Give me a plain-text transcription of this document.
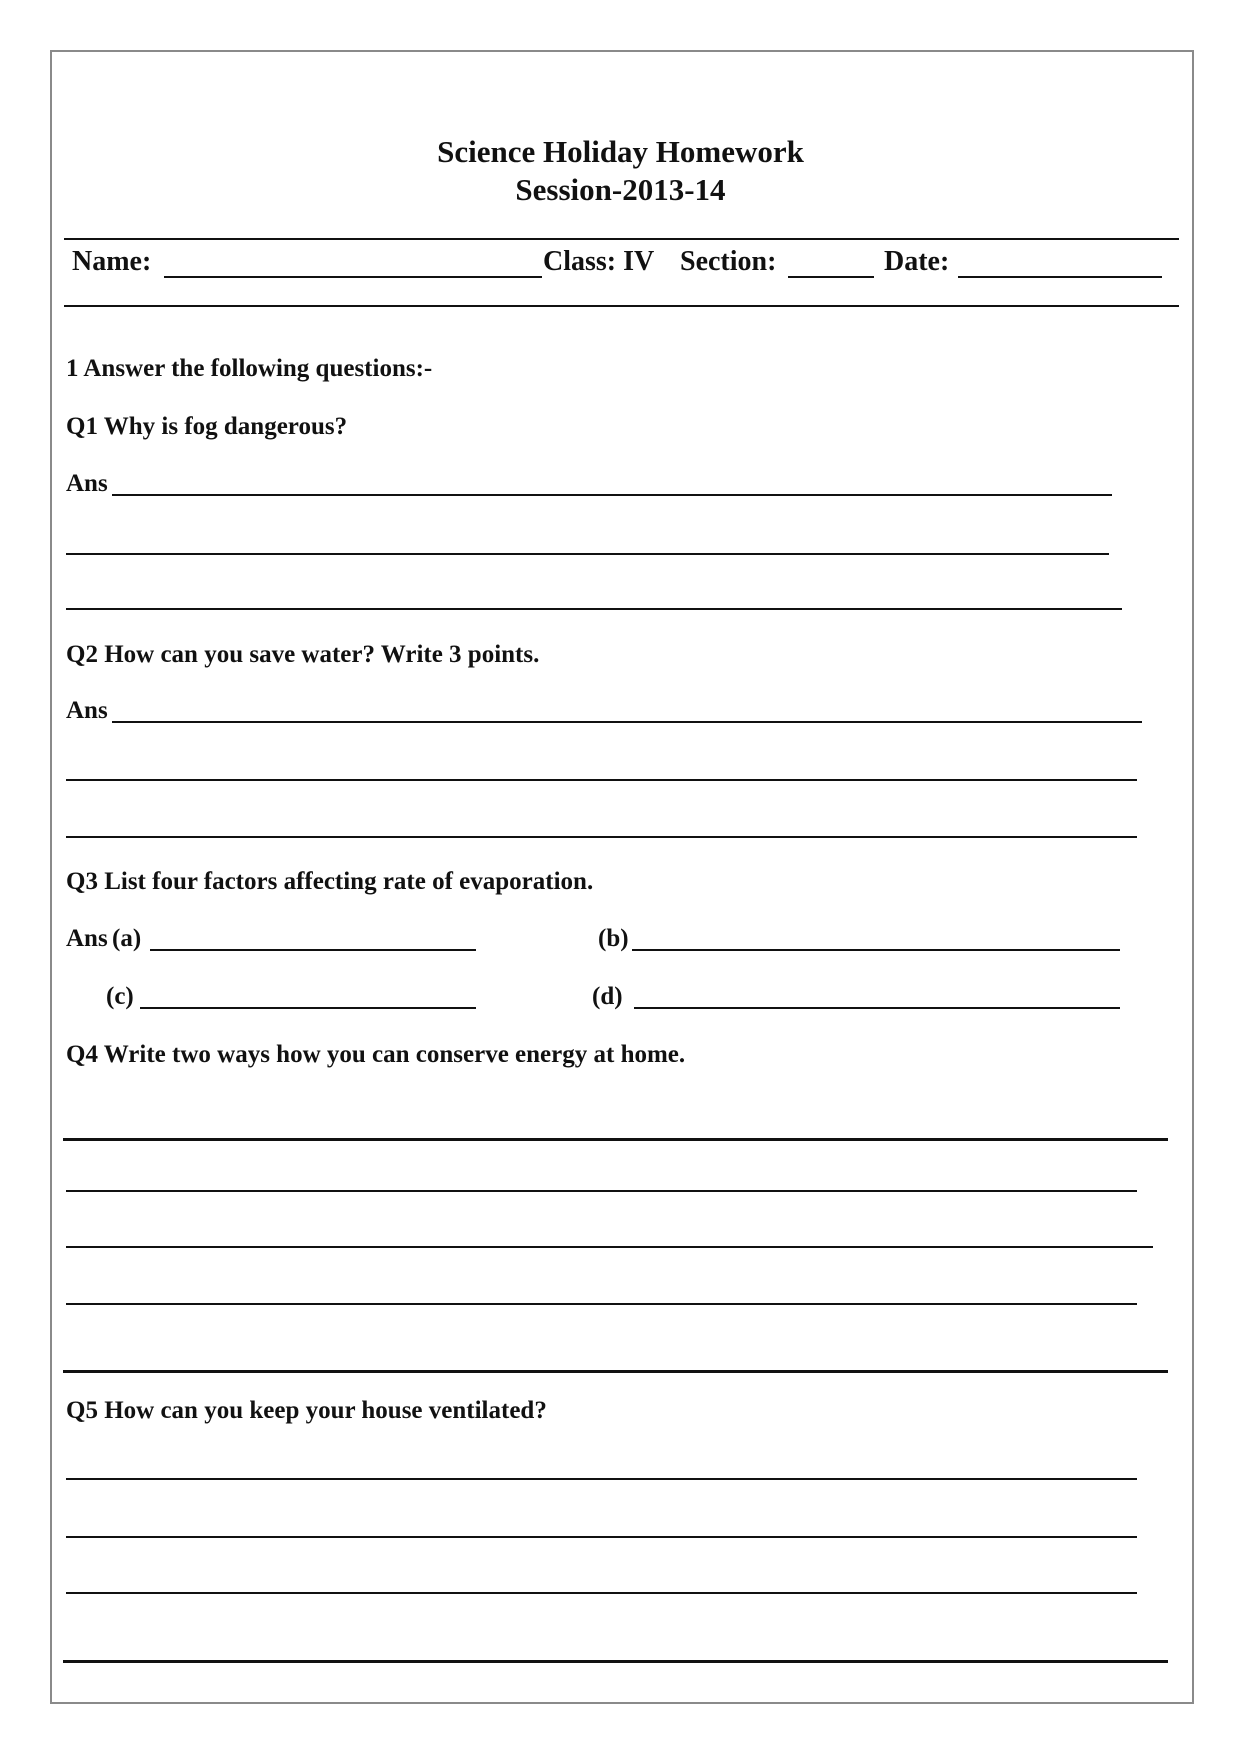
Science Holiday Homework
Session-2013-14
Name:	Class: IV Section:	Date:
1 Answer the following questions:-
Q1 Why is fog dangerous?
Ans
Q2 How can you save water? Write 3 points.
Ans
Q3 List four factors affecting rate of evaporation.
Ans (a)	(b)
(c)	(d)
Q4 Write two ways how you can conserve energy at home.
Q5 How can you keep your house ventilated?
